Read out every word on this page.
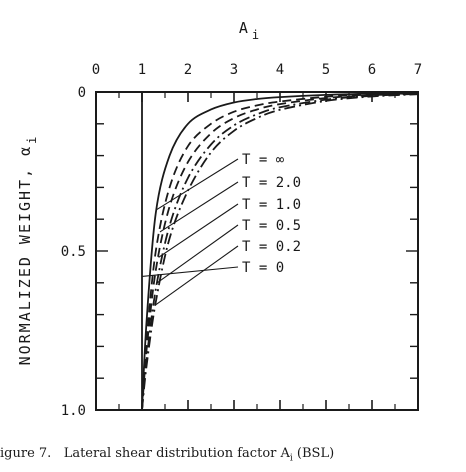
0	1	2	3	4	5	6	7
0
0.5
1.0
T = ∞
T = 2.0
T = 1.0
T = 0.5
T = 0.2
T = 0
A $_i$
NORMALIZED WEIGHT, $\alpha_i$
igure 7. Lateral shear distribution factor $A_i$ (BSL)
